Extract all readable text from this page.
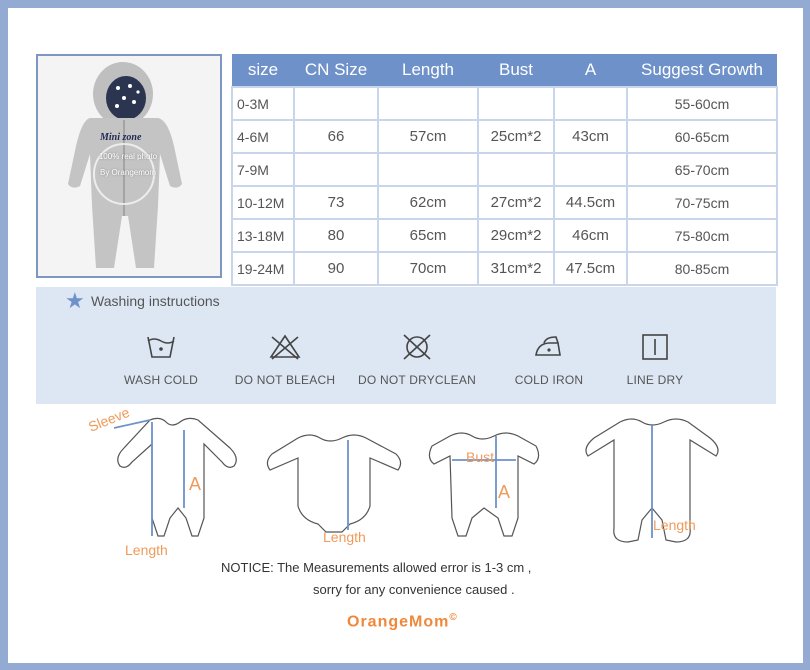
Mini zone
100% real photo
By Orangemom
size	CN Size	Length	Bust	A	Suggest Growth
0-3M					55-60cm
4-6M	66	57cm	25cm*2	43cm	60-65cm
7-9M					65-70cm
10-12M	73	62cm	27cm*2	44.5cm	70-75cm
13-18M	80	65cm	29cm*2	46cm	75-80cm
19-24M	90	70cm	31cm*2	47.5cm	80-85cm
★ Washing instructions
WASH COLD	DO NOT BLEACH	DO NOT DRYCLEAN	COLD IRON	LINE DRY
Sleeve
A
Length
Length
Bust
A
Length
NOTICE: The Measurements allowed error is 1-3 cm ,
sorry for any convenience caused .
OrangeMom©
